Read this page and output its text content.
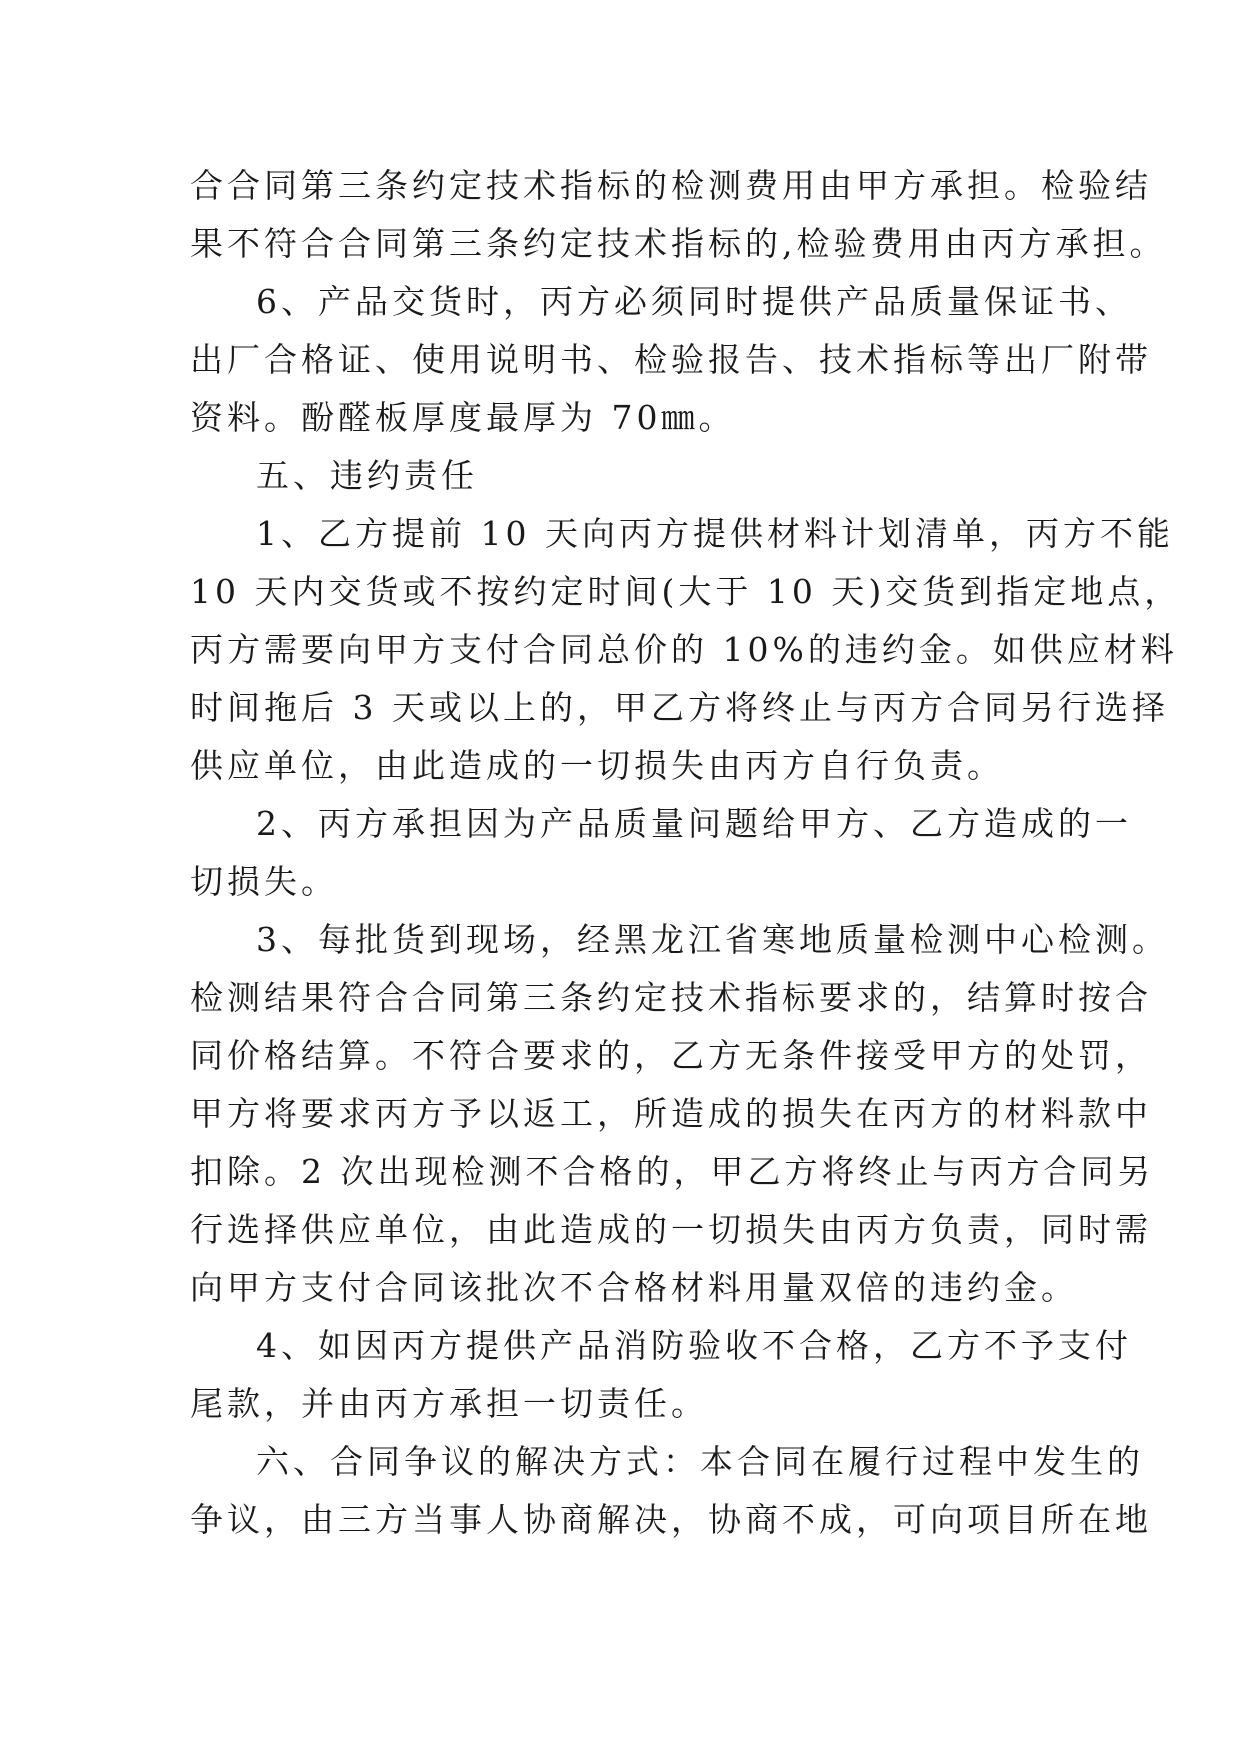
合合同第三条约定技术指标的检测费用由甲方承担。检验结
果不符合合同第三条约定技术指标的,检验费用由丙方承担。
6、产品交货时，丙方必须同时提供产品质量保证书、
出厂合格证、使用说明书、检验报告、技术指标等出厂附带
资料。酚醛板厚度最厚为 70㎜。
五、违约责任
1、乙方提前 10 天向丙方提供材料计划清单，丙方不能
10 天内交货或不按约定时间(大于 10 天)交货到指定地点，
丙方需要向甲方支付合同总价的 10%的违约金。如供应材料
时间拖后 3 天或以上的，甲乙方将终止与丙方合同另行选择
供应单位，由此造成的一切损失由丙方自行负责。
2、丙方承担因为产品质量问题给甲方、乙方造成的一
切损失。
3、每批货到现场，经黑龙江省寒地质量检测中心检测。
检测结果符合合同第三条约定技术指标要求的，结算时按合
同价格结算。不符合要求的，乙方无条件接受甲方的处罚，
甲方将要求丙方予以返工，所造成的损失在丙方的材料款中
扣除。2 次出现检测不合格的，甲乙方将终止与丙方合同另
行选择供应单位，由此造成的一切损失由丙方负责，同时需
向甲方支付合同该批次不合格材料用量双倍的违约金。
4、如因丙方提供产品消防验收不合格，乙方不予支付
尾款，并由丙方承担一切责任。
六、合同争议的解决方式：本合同在履行过程中发生的
争议，由三方当事人协商解决，协商不成，可向项目所在地
